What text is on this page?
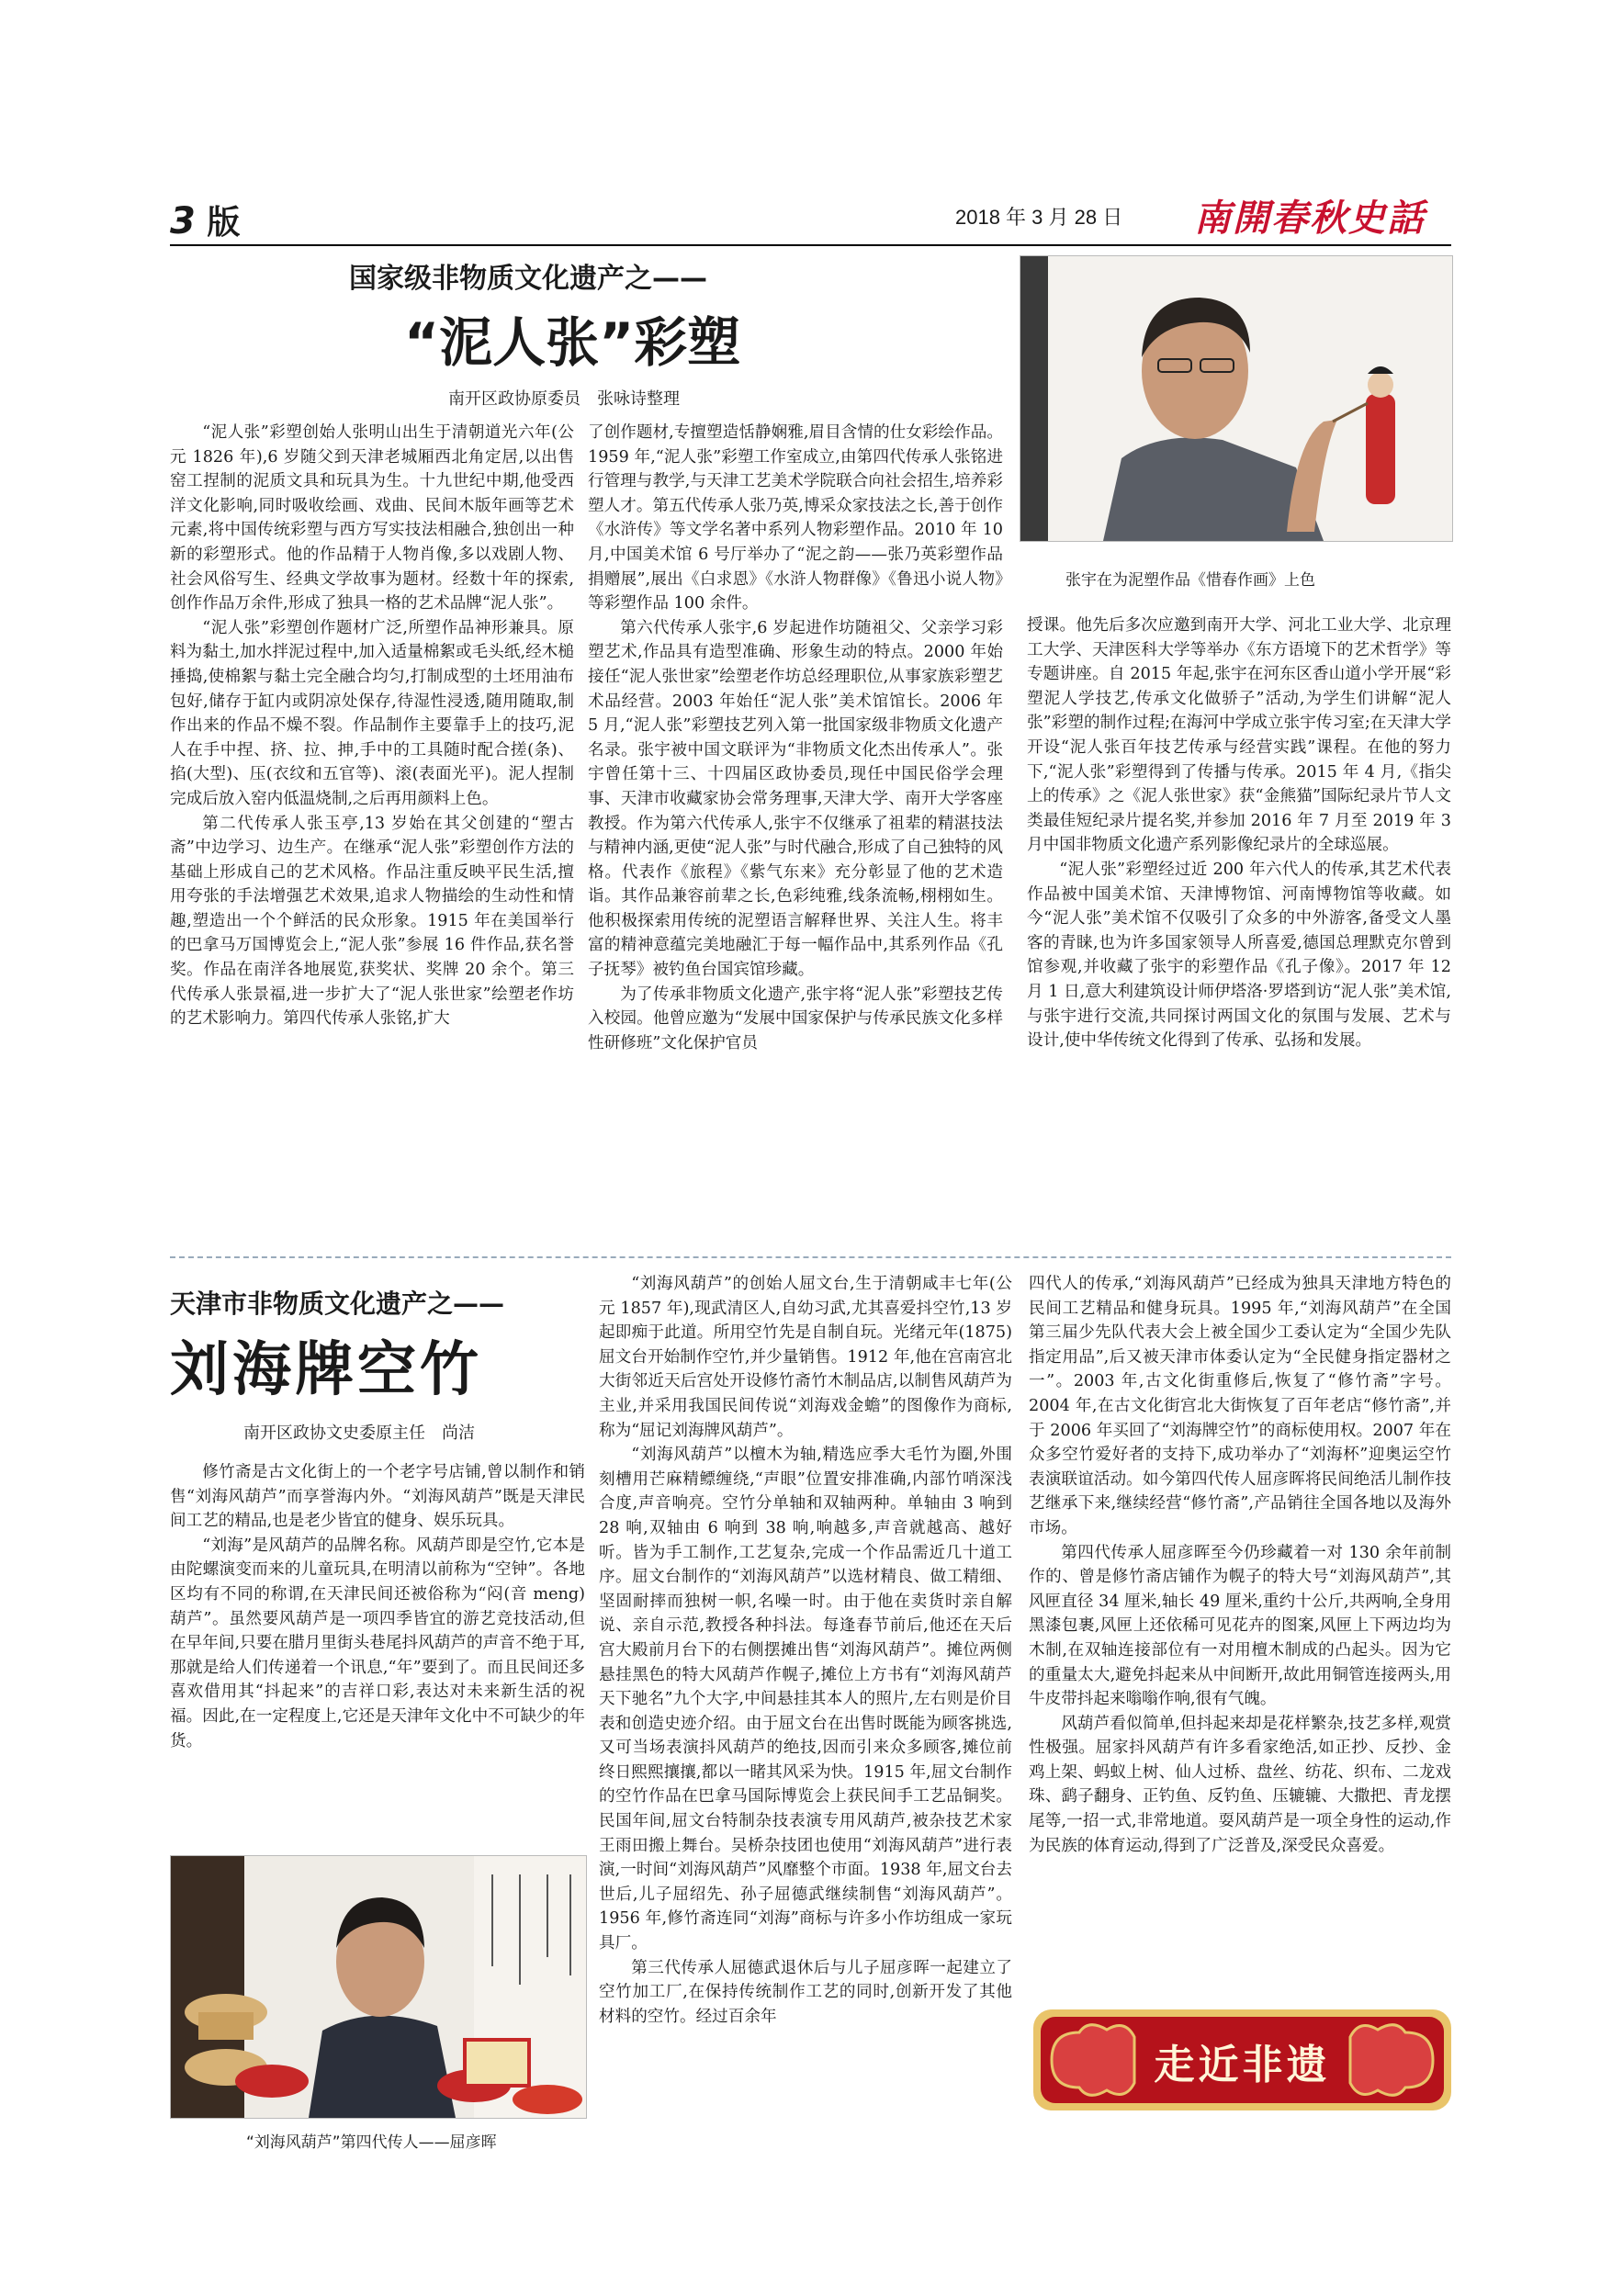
3 版	2018 年 3 月 28 日 南開春秋史話
国家级非物质文化遗产之——
“泥人张”彩塑
南开区政协原委员　张咏诗整理

“泥人张”彩塑创始人张明山出生于清朝道光六年(公元 1826 年),6 岁随父到天津老城厢西北角定居,以出售窑工捏制的泥质文具和玩具为生。十九世纪中期,他受西洋文化影响,同时吸收绘画、戏曲、民间木版年画等艺术元素,将中国传统彩塑与西方写实技法相融合,独创出一种新的彩塑形式。他的作品精于人物肖像,多以戏剧人物、社会风俗写生、经典文学故事为题材。经数十年的探索,创作作品万余件,形成了独具一格的艺术品牌“泥人张”。

“泥人张”彩塑创作题材广泛,所塑作品神形兼具。原料为黏土,加水拌泥过程中,加入适量棉絮或毛头纸,经木槌捶捣,使棉絮与黏土完全融合均匀,打制成型的土坯用油布包好,储存于缸内或阴凉处保存,待湿性浸透,随用随取,制作出来的作品不燥不裂。作品制作主要靠手上的技巧,泥人在手中捏、挤、拉、抻,手中的工具随时配合搓(条)、掐(大型)、压(衣纹和五官等)、滚(表面光平)。泥人捏制完成后放入窑内低温烧制,之后再用颜料上色。

第二代传承人张玉亭,13 岁始在其父创建的“塑古斋”中边学习、边生产。在继承“泥人张”彩塑创作方法的基础上形成自己的艺术风格。作品注重反映平民生活,擅用夸张的手法增强艺术效果,追求人物描绘的生动性和情趣,塑造出一个个鲜活的民众形象。1915 年在美国举行的巴拿马万国博览会上,“泥人张”参展 16 件作品,获名誉奖。作品在南洋各地展览,获奖状、奖牌 20 余个。第三代传承人张景福,进一步扩大了“泥人张世家”绘塑老作坊的艺术影响力。第四代传承人张铭,扩大

了创作题材,专擅塑造恬静娴雅,眉目含情的仕女彩绘作品。1959 年,“泥人张”彩塑工作室成立,由第四代传承人张铭进行管理与教学,与天津工艺美术学院联合向社会招生,培养彩塑人才。第五代传承人张乃英,博采众家技法之长,善于创作《水浒传》等文学名著中系列人物彩塑作品。2010 年 10 月,中国美术馆 6 号厅举办了“泥之韵——张乃英彩塑作品捐赠展”,展出《白求恩》《水浒人物群像》《鲁迅小说人物》等彩塑作品 100 余件。

第六代传承人张宇,6 岁起进作坊随祖父、父亲学习彩塑艺术,作品具有造型准确、形象生动的特点。2000 年始接任“泥人张世家”绘塑老作坊总经理职位,从事家族彩塑艺术品经营。2003 年始任“泥人张”美术馆馆长。2006 年 5 月,“泥人张”彩塑技艺列入第一批国家级非物质文化遗产名录。张宇被中国文联评为“非物质文化杰出传承人”。张宇曾任第十三、十四届区政协委员,现任中国民俗学会理事、天津市收藏家协会常务理事,天津大学、南开大学客座教授。作为第六代传承人,张宇不仅继承了祖辈的精湛技法与精神内涵,更使“泥人张”与时代融合,形成了自己独特的风格。代表作《旅程》《紫气东来》充分彰显了他的艺术造诣。其作品兼容前辈之长,色彩纯雅,线条流畅,栩栩如生。他积极探索用传统的泥塑语言解释世界、关注人生。将丰富的精神意蕴完美地融汇于每一幅作品中,其系列作品《孔子抚琴》被钓鱼台国宾馆珍藏。

为了传承非物质文化遗产,张宇将“泥人张”彩塑技艺传入校园。他曾应邀为“发展中国家保护与传承民族文化多样性研修班”文化保护官员

张宇在为泥塑作品《惜春作画》上色

授课。他先后多次应邀到南开大学、河北工业大学、北京理工大学、天津医科大学等举办《东方语境下的艺术哲学》等专题讲座。自 2015 年起,张宇在河东区香山道小学开展“彩塑泥人学技艺,传承文化做骄子”活动,为学生们讲解“泥人张”彩塑的制作过程;在海河中学成立张宇传习室;在天津大学开设“泥人张百年技艺传承与经营实践”课程。在他的努力下,“泥人张”彩塑得到了传播与传承。2015 年 4 月,《指尖上的传承》之《泥人张世家》获“金熊猫”国际纪录片节人文类最佳短纪录片提名奖,并参加 2016 年 7 月至 2019 年 3 月中国非物质文化遗产系列影像纪录片的全球巡展。

“泥人张”彩塑经过近 200 年六代人的传承,其艺术代表作品被中国美术馆、天津博物馆、河南博物馆等收藏。如今“泥人张”美术馆不仅吸引了众多的中外游客,备受文人墨客的青睐,也为许多国家领导人所喜爱,德国总理默克尔曾到馆参观,并收藏了张宇的彩塑作品《孔子像》。2017 年 12 月 1 日,意大利建筑设计师伊塔洛·罗塔到访“泥人张”美术馆,与张宇进行交流,共同探讨两国文化的氛围与发展、艺术与设计,使中华传统文化得到了传承、弘扬和发展。

天津市非物质文化遗产之——
刘海牌空竹
南开区政协文史委原主任　尚洁

修竹斋是古文化街上的一个老字号店铺,曾以制作和销售“刘海风葫芦”而享誉海内外。“刘海风葫芦”既是天津民间工艺的精品,也是老少皆宜的健身、娱乐玩具。

“刘海”是风葫芦的品牌名称。风葫芦即是空竹,它本是由陀螺演变而来的儿童玩具,在明清以前称为“空钟”。各地区均有不同的称谓,在天津民间还被俗称为“闷(音 meng)葫芦”。虽然要风葫芦是一项四季皆宜的游艺竞技活动,但在早年间,只要在腊月里街头巷尾抖风葫芦的声音不绝于耳,那就是给人们传递着一个讯息,“年”要到了。而且民间还多喜欢借用其“抖起来”的吉祥口彩,表达对未来新生活的祝福。因此,在一定程度上,它还是天津年文化中不可缺少的年货。

“刘海风葫芦”第四代传人——屈彦晖

“刘海风葫芦”的创始人屈文台,生于清朝咸丰七年(公元 1857 年),现武清区人,自幼习武,尤其喜爱抖空竹,13 岁起即痴于此道。所用空竹先是自制自玩。光绪元年(1875)屈文台开始制作空竹,并少量销售。1912 年,他在宫南宫北大街邻近天后宫处开设修竹斋竹木制品店,以制售风葫芦为主业,并采用我国民间传说“刘海戏金蟾”的图像作为商标,称为“屈记刘海牌风葫芦”。

“刘海风葫芦”以檀木为轴,精选应季大毛竹为圈,外围刻槽用芒麻精鳔缠绕,“声眼”位置安排准确,内部竹哨深浅合度,声音响亮。空竹分单轴和双轴两种。单轴由 3 响到 28 响,双轴由 6 响到 38 响,响越多,声音就越高、越好听。皆为手工制作,工艺复杂,完成一个作品需近几十道工序。屈文台制作的“刘海风葫芦”以选材精良、做工精细、坚固耐摔而独树一帜,名噪一时。由于他在卖货时亲自解说、亲自示范,教授各种抖法。每逢春节前后,他还在天后宫大殿前月台下的右侧摆摊出售“刘海风葫芦”。摊位两侧悬挂黑色的特大风葫芦作幌子,摊位上方书有“刘海风葫芦天下驰名”九个大字,中间悬挂其本人的照片,左右则是价目表和创造史迹介绍。由于屈文台在出售时既能为顾客挑选,又可当场表演抖风葫芦的绝技,因而引来众多顾客,摊位前终日熙熙攘攘,都以一睹其风采为快。1915 年,屈文台制作的空竹作品在巴拿马国际博览会上获民间手工艺品铜奖。民国年间,屈文台特制杂技表演专用风葫芦,被杂技艺术家王雨田搬上舞台。吴桥杂技团也使用“刘海风葫芦”进行表演,一时间“刘海风葫芦”风靡整个市面。1938 年,屈文台去世后,儿子屈绍先、孙子屈德武继续制售“刘海风葫芦”。1956 年,修竹斋连同“刘海”商标与许多小作坊组成一家玩具厂。

第三代传承人屈德武退休后与儿子屈彦晖一起建立了空竹加工厂,在保持传统制作工艺的同时,创新开发了其他材料的空竹。经过百余年

四代人的传承,“刘海风葫芦”已经成为独具天津地方特色的民间工艺精品和健身玩具。1995 年,“刘海风葫芦”在全国第三届少先队代表大会上被全国少工委认定为“全国少先队指定用品”,后又被天津市体委认定为“全民健身指定器材之一”。2003 年,古文化街重修后,恢复了“修竹斋”字号。2004 年,在古文化街宫北大街恢复了百年老店“修竹斋”,并于 2006 年买回了“刘海牌空竹”的商标使用权。2007 年在众多空竹爱好者的支持下,成功举办了“刘海杯”迎奥运空竹表演联谊活动。如今第四代传人屈彦晖将民间绝活儿制作技艺继承下来,继续经营“修竹斋”,产品销往全国各地以及海外市场。

第四代传承人屈彦晖至今仍珍藏着一对 130 余年前制作的、曾是修竹斋店铺作为幌子的特大号“刘海风葫芦”,其风匣直径 34 厘米,轴长 49 厘米,重约十公斤,共两响,全身用黑漆包裹,风匣上还依稀可见花卉的图案,风匣上下两边均为木制,在双轴连接部位有一对用檀木制成的凸起头。因为它的重量太大,避免抖起来从中间断开,故此用铜管连接两头,用牛皮带抖起来嗡嗡作响,很有气魄。

风葫芦看似简单,但抖起来却是花样繁杂,技艺多样,观赏性极强。屈家抖风葫芦有许多看家绝活,如正抄、反抄、金鸡上架、蚂蚁上树、仙人过桥、盘丝、纺花、织布、二龙戏珠、鹞子翻身、正钓鱼、反钓鱼、压辘辘、大撒把、青龙摆尾等,一招一式,非常地道。耍风葫芦是一项全身性的运动,作为民族的体育运动,得到了广泛普及,深受民众喜爱。

走近非遗
